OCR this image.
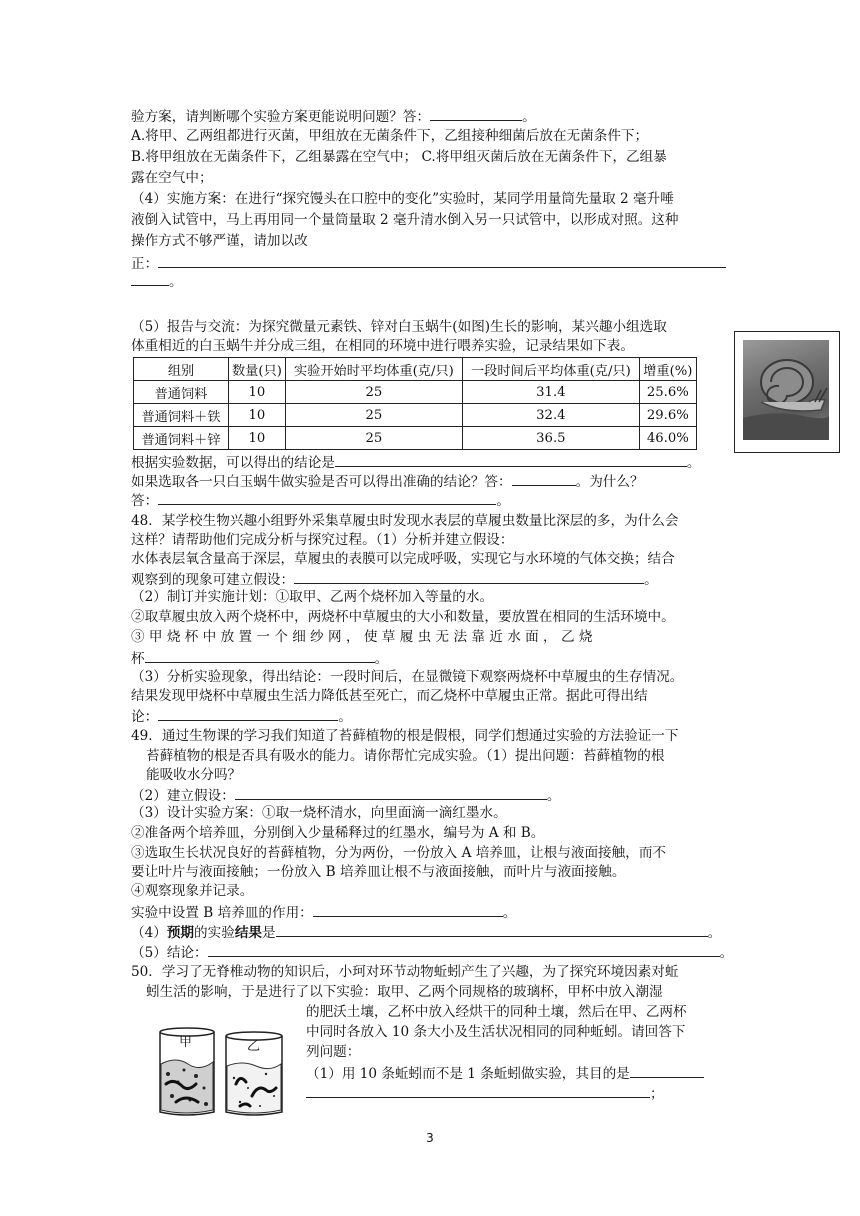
验方案，请判断哪个实验方案更能说明问题？答：	。
A.将甲、乙两组都进行灭菌，甲组放在无菌条件下，乙组接种细菌后放在无菌条件下；
B.将甲组放在无菌条件下，乙组暴露在空气中； C.将甲组灭菌后放在无菌条件下，乙组暴
露在空气中；
（4）实施方案：在进行“探究馒头在口腔中的变化”实验时，某同学用量筒先量取 2 毫升唾
液倒入试管中，马上再用同一个量筒量取 2 毫升清水倒入另一只试管中，以形成对照。这种
操作方式不够严谨，请加以改
正：
。
（5）报告与交流：为探究微量元素铁、锌对白玉蜗牛(如图)生长的影响，某兴趣小组选取
体重相近的白玉蜗牛并分成三组，在相同的环境中进行喂养实验，记录结果如下表。
组别	数量(只)	实验开始时平均体重(克/只)	一段时间后平均体重(克/只)	增重(%)
普通饲料	10	25	31.4	25.6%
普通饲料＋铁	10	25	32.4	29.6%
普通饲料＋锌	10	25	36.5	46.0%
根据实验数据，可以得出的结论是	。
如果选取各一只白玉蜗牛做实验是否可以得出准确的结论？答：	。为什么？
答：	。
48．某学校生物兴趣小组野外采集草履虫时发现水表层的草履虫数量比深层的多，为什么会
这样？请帮助他们完成分析与探究过程。（1）分析并建立假设：
水体表层氧含量高于深层，草履虫的表膜可以完成呼吸，实现它与水环境的气体交换；结合
观察到的现象可建立假设：	。
（2）制订并实施计划：①取甲、乙两个烧杯加入等量的水。
②取草履虫放入两个烧杯中，两烧杯中草履虫的大小和数量，要放置在相同的生活环境中。
③ 甲 烧 杯 中 放 置 一 个 细 纱 网 ， 使 草 履 虫 无 法 靠 近 水 面 ， 乙 烧
杯	。
（3）分析实验现象，得出结论：一段时间后，在显微镜下观察两烧杯中草履虫的生存情况。
结果发现甲烧杯中草履虫生活力降低甚至死亡，而乙烧杯中草履虫正常。据此可得出结
论：	。
49．通过生物课的学习我们知道了苔藓植物的根是假根，同学们想通过实验的方法验证一下
苔藓植物的根是否具有吸水的能力。请你帮忙完成实验。（1）提出问题：苔藓植物的根
能吸收水分吗？
（2）建立假设：	。
（3）设计实验方案：①取一烧杯清水，向里面滴一滴红墨水。
②准备两个培养皿，分别倒入少量稀释过的红墨水，编号为 A 和 B。
③选取生长状况良好的苔藓植物，分为两份，一份放入 A 培养皿，让根与液面接触，而不
要让叶片与液面接触；一份放入 B 培养皿让根不与液面接触，而叶片与液面接触。
④观察现象并记录。
实验中设置 B 培养皿的作用：	。
（4）预期的实验结果是	。
（5）结论：	。
50．学习了无脊椎动物的知识后，小珂对环节动物蚯蚓产生了兴趣，为了探究环境因素对蚯
蚓生活的影响，于是进行了以下实验：取甲、乙两个同规格的玻璃杯，甲杯中放入潮湿
甲	乙
的肥沃土壤，乙杯中放入经烘干的同种土壤，然后在甲、乙两杯
中同时各放入 10 条大小及生活状况相同的同种蚯蚓。请回答下
列问题：
（1）用 10 条蚯蚓而不是 1 条蚯蚓做实验，其目的是
；
3
